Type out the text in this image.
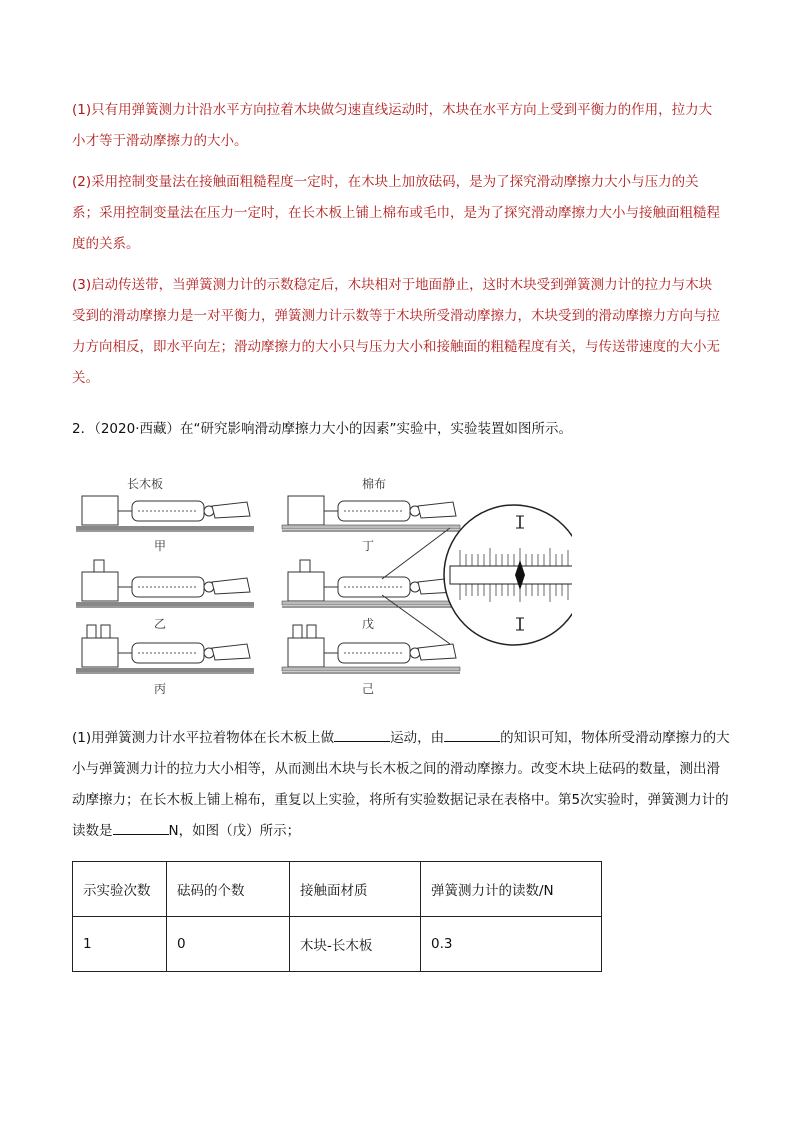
(1)只有用弹簧测力计沿水平方向拉着木块做匀速直线运动时，木块在水平方向上受到平衡力的作用，拉力大小才等于滑动摩擦力的大小。

(2)采用控制变量法在接触面粗糙程度一定时，在木块上加放砝码，是为了探究滑动摩擦力大小与压力的关系；采用控制变量法在压力一定时，在长木板上铺上棉布或毛巾，是为了探究滑动摩擦力大小与接触面粗糙程度的关系。

(3)启动传送带，当弹簧测力计的示数稳定后，木块相对于地面静止，这时木块受到弹簧测力计的拉力与木块受到的滑动摩擦力是一对平衡力，弹簧测力计示数等于木块所受滑动摩擦力，木块受到的滑动摩擦力方向与拉力方向相反，即水平向左；滑动摩擦力的大小只与压力大小和接触面的粗糙程度有关，与传送带速度的大小无关。

2．（2020·西藏）在“研究影响滑动摩擦力大小的因素”实验中，实验装置如图所示。

长木板
甲
乙
丙
棉布
丁
戊
己

(1)用弹簧测力计水平拉着物体在长木板上做	运动，由	的知识可知，物体所受滑动摩擦力的大小与弹簧测力计的拉力大小相等，从而测出木块与长木板之间的滑动摩擦力。改变木块上砝码的数量，测出滑动摩擦力；在长木板上铺上棉布，重复以上实验，将所有实验数据记录在表格中。第5次实验时，弹簧测力计的读数是	N，如图（戊）所示；

示实验次数	砝码的个数	接触面材质	弹簧测力计的读数/N
1	0	木块-长木板	0.3
